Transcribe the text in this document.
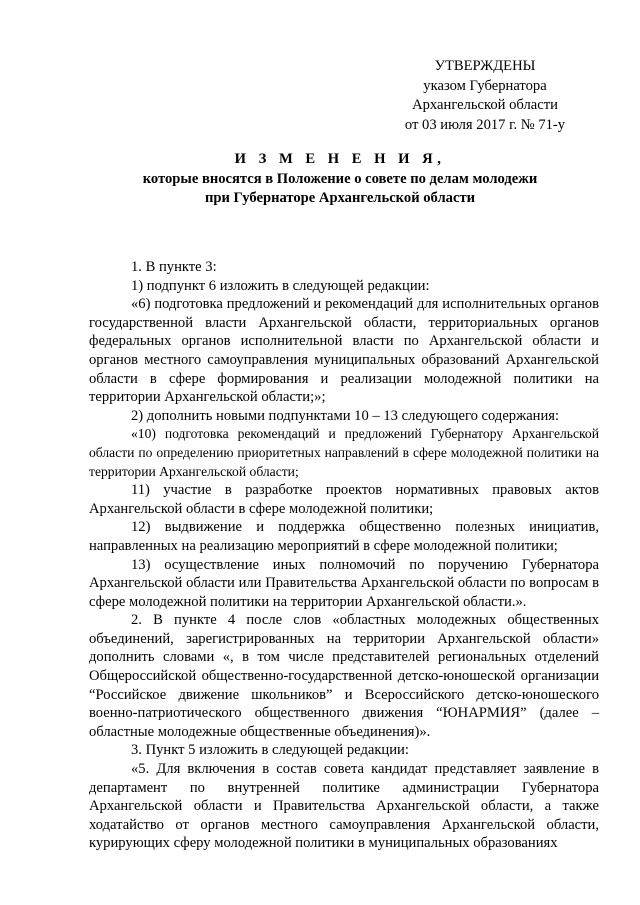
УТВЕРЖДЕНЫ
указом Губернатора
Архангельской области
от 03 июля 2017 г. № 71-у
И З М Е Н Е Н И Я,
которые вносятся в Положение о совете по делам молодежи
при Губернаторе Архангельской области

1. В пункте 3:

1) подпункт 6 изложить в следующей редакции:

«6) подготовка предложений и рекомендаций для исполнительных органов государственной власти Архангельской области, территориальных органов федеральных органов исполнительной власти по Архангельской области и органов местного самоуправления муниципальных образований Архангельской области в сфере формирования и реализации молодежной политики на территории Архангельской области;»;

2) дополнить новыми подпунктами 10 – 13 следующего содержания:

«10) подготовка рекомендаций и предложений Губернатору Архангельской области по определению приоритетных направлений в сфере молодежной политики на территории Архангельской области;

11) участие в разработке проектов нормативных правовых актов Архангельской области в сфере молодежной политики;

12) выдвижение и поддержка общественно полезных инициатив, направленных на реализацию мероприятий в сфере молодежной политики;

13) осуществление иных полномочий по поручению Губернатора Архангельской области или Правительства Архангельской области по вопросам в сфере молодежной политики на территории Архангельской области.».

2. В пункте 4 после слов «областных молодежных общественных объединений, зарегистрированных на территории Архангельской области» дополнить словами «, в том числе представителей региональных отделений Общероссийской общественно-государственной детско-юношеской организации “Российское движение школьников” и Всероссийского детско-юношеского военно-патриотического общественного движения “ЮНАРМИЯ” (далее – областные молодежные общественные объединения)».

3. Пункт 5 изложить в следующей редакции:

«5. Для включения в состав совета кандидат представляет заявление в департамент по внутренней политике администрации Губернатора Архангельской области и Правительства Архангельской области, а также ходатайство от органов местного самоуправления Архангельской области, курирующих сферу молодежной политики в муниципальных образованиях
